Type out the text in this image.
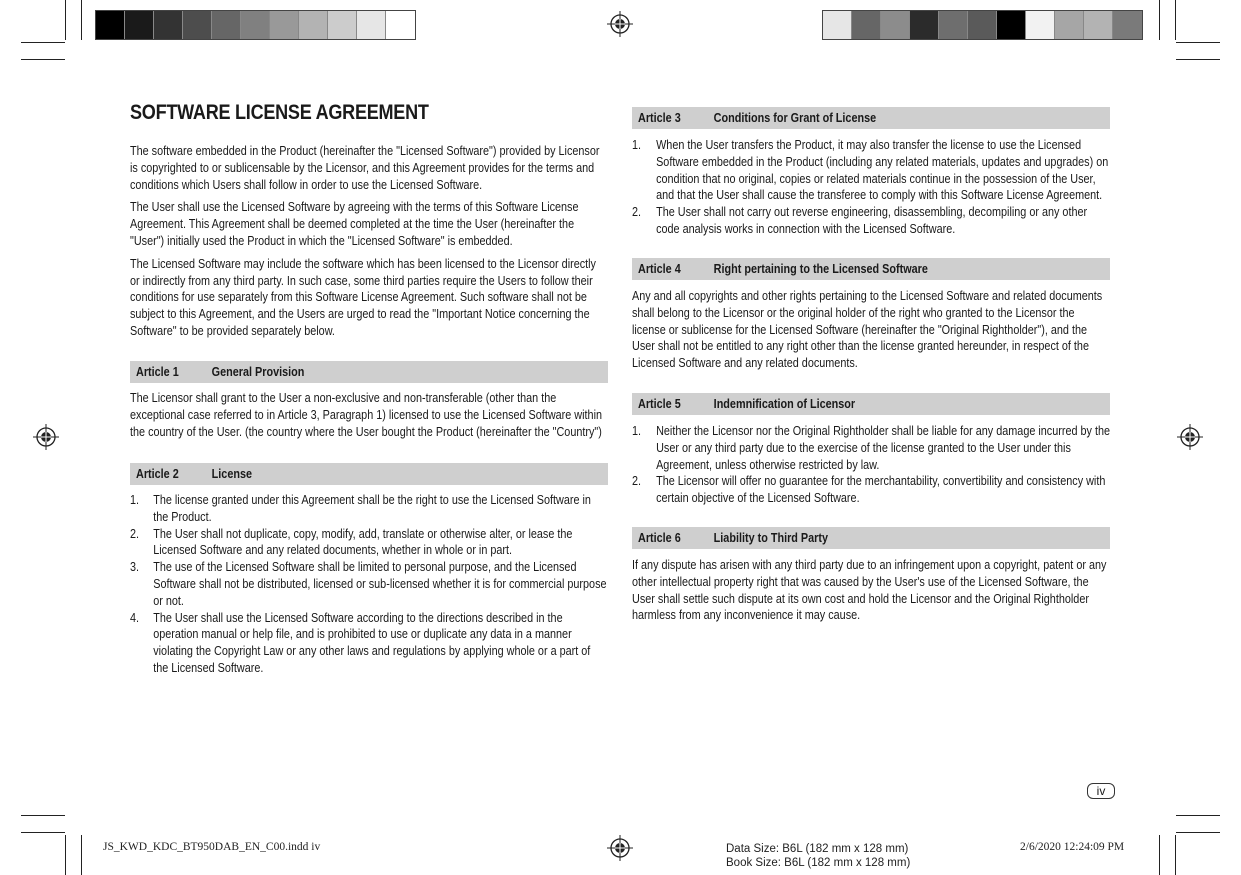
SOFTWARE LICENSE AGREEMENT

The software embedded in the Product (hereinafter the "Licensed Software") provided by Licensor is copyrighted to or sublicensable by the Licensor, and this Agreement provides for the terms and conditions which Users shall follow in order to use the Licensed Software.

The User shall use the Licensed Software by agreeing with the terms of this Software License Agreement. This Agreement shall be deemed completed at the time the User (hereinafter the "User") initially used the Product in which the "Licensed Software" is embedded.

The Licensed Software may include the software which has been licensed to the Licensor directly or indirectly from any third party. In such case, some third parties require the Users to follow their conditions for use separately from this Software License Agreement. Such software shall not be subject to this Agreement, and the Users are urged to read the "Important Notice concerning the Software" to be provided separately below.

Article 1	General Provision

The Licensor shall grant to the User a non-exclusive and non-transferable (other than the exceptional case referred to in Article 3, Paragraph 1) licensed to use the Licensed Software within the country of the User. (the country where the User bought the Product (hereinafter the "Country")

Article 2	License
1.	The license granted under this Agreement shall be the right to use the Licensed Software in the Product.
2.	The User shall not duplicate, copy, modify, add, translate or otherwise alter, or lease the Licensed Software and any related documents, whether in whole or in part.
3.	The use of the Licensed Software shall be limited to personal purpose, and the Licensed Software shall not be distributed, licensed or sub-licensed whether it is for commercial purpose or not.
4.	The User shall use the Licensed Software according to the directions described in the operation manual or help file, and is prohibited to use or duplicate any data in a manner violating the Copyright Law or any other laws and regulations by applying whole or a part of the Licensed Software.
Article 3	Conditions for Grant of License
1.	When the User transfers the Product, it may also transfer the license to use the Licensed Software embedded in the Product (including any related materials, updates and upgrades) on condition that no original, copies or related materials continue in the possession of the User, and that the User shall cause the transferee to comply with this Software License Agreement.
2.	The User shall not carry out reverse engineering, disassembling, decompiling or any other code analysis works in connection with the Licensed Software.
Article 4	Right pertaining to the Licensed Software

Any and all copyrights and other rights pertaining to the Licensed Software and related documents shall belong to the Licensor or the original holder of the right who granted to the Licensor the license or sublicense for the Licensed Software (hereinafter the "Original Rightholder"), and the User shall not be entitled to any right other than the license granted hereunder, in respect of the Licensed Software and any related documents.

Article 5	Indemnification of Licensor
1.	Neither the Licensor nor the Original Rightholder shall be liable for any damage incurred by the User or any third party due to the exercise of the license granted to the User under this Agreement, unless otherwise restricted by law.
2.	The Licensor will offer no guarantee for the merchantability, convertibility and consistency with certain objective of the Licensed Software.
Article 6	Liability to Third Party

If any dispute has arisen with any third party due to an infringement upon a copyright, patent or any other intellectual property right that was caused by the User's use of the Licensed Software, the User shall settle such dispute at its own cost and hold the Licensor and the Original Rightholder harmless from any inconvenience it may cause.

iv
JS_KWD_KDC_BT950DAB_EN_C00.indd iv	Data Size: B6L (182 mm x 128 mm)
Book Size: B6L (182 mm x 128 mm)
2/6/2020 12:24:09 PM
